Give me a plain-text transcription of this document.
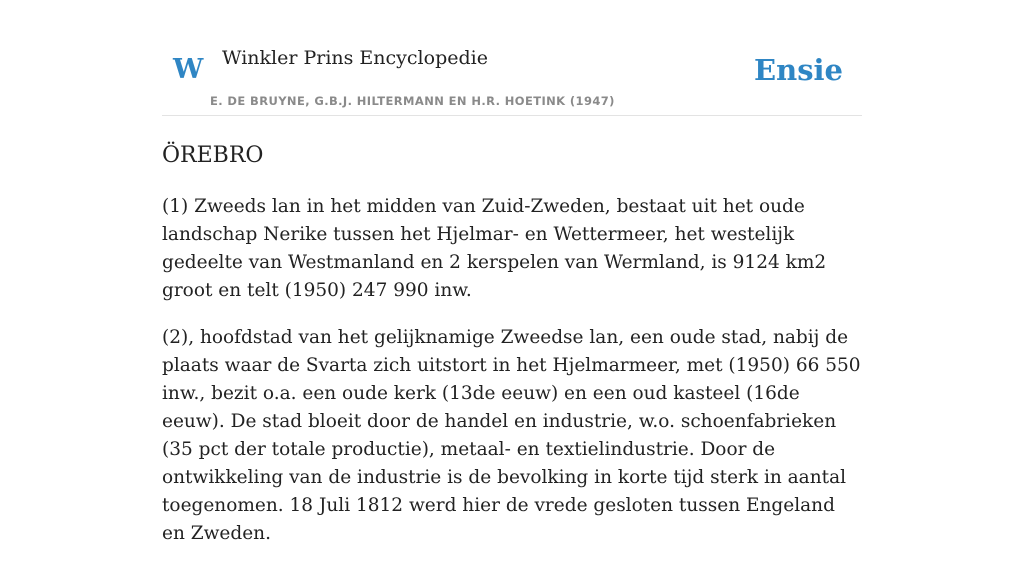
W Winkler Prins Encyclopedie
E. DE BRUYNE, G.B.J. HILTERMANN EN H.R. HOETINK (1947)
Ensie
ÖREBRO

(1) Zweeds lan in het midden van Zuid-Zweden, bestaat uit het oude landschap Nerike tussen het Hjelmar- en Wettermeer, het westelijk gedeelte van Westmanland en 2 kerspelen van Wermland, is 9124 km2 groot en telt (1950) 247 990 inw.

(2), hoofdstad van het gelijknamige Zweedse lan, een oude stad, nabij de plaats waar de Svarta zich uitstort in het Hjelmarmeer, met (1950) 66 550 inw., bezit o.a. een oude kerk (13de eeuw) en een oud kasteel (16de eeuw). De stad bloeit door de handel en industrie, w.o. schoenfabrieken (35 pct der totale productie), metaal- en textielindustrie. Door de ontwikkeling van de industrie is de bevolking in korte tijd sterk in aantal toegenomen. 18 Juli 1812 werd hier de vrede gesloten tussen Engeland en Zweden.
